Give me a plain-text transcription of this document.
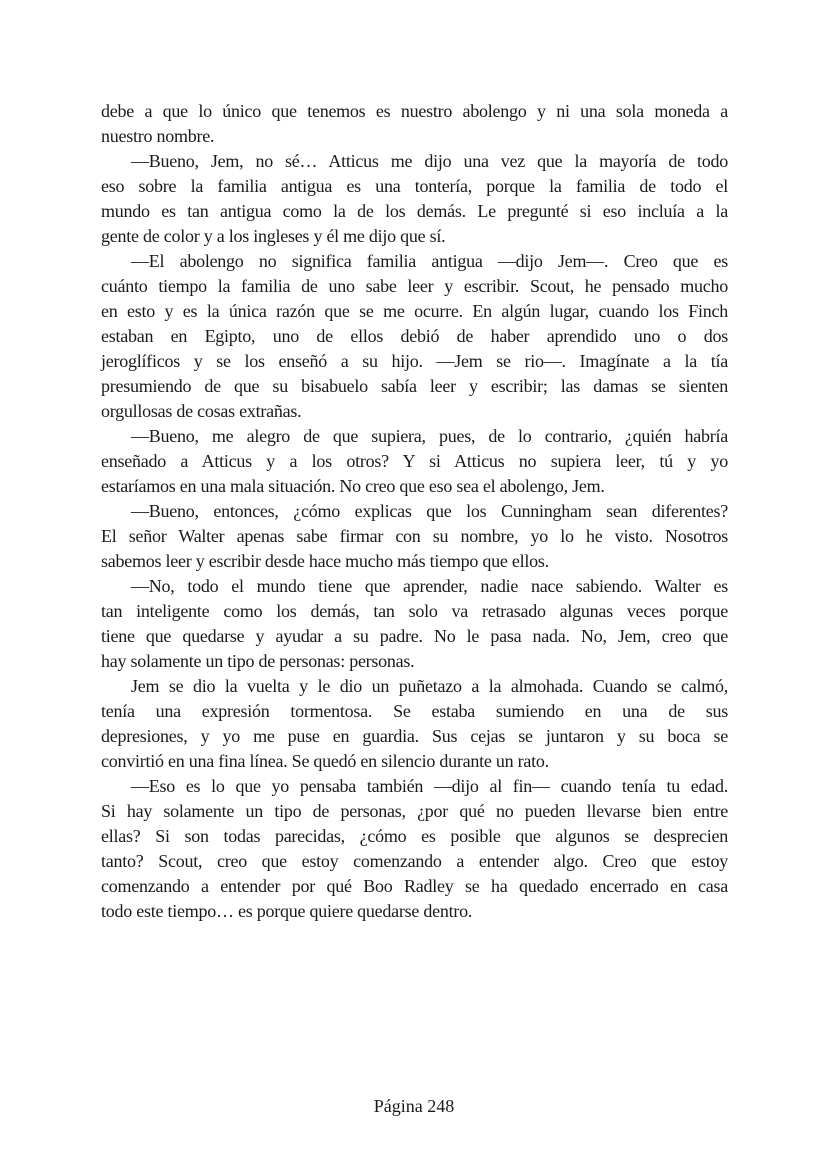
debe a que lo único que tenemos es nuestro abolengo y ni una sola moneda a
nuestro nombre.
—Bueno, Jem, no sé… Atticus me dijo una vez que la mayoría de todo
eso sobre la familia antigua es una tontería, porque la familia de todo el
mundo es tan antigua como la de los demás. Le pregunté si eso incluía a la
gente de color y a los ingleses y él me dijo que sí.
—El abolengo no significa familia antigua —dijo Jem—. Creo que es
cuánto tiempo la familia de uno sabe leer y escribir. Scout, he pensado mucho
en esto y es la única razón que se me ocurre. En algún lugar, cuando los Finch
estaban en Egipto, uno de ellos debió de haber aprendido uno o dos
jeroglíficos y se los enseñó a su hijo. —Jem se rio—. Imagínate a la tía
presumiendo de que su bisabuelo sabía leer y escribir; las damas se sienten
orgullosas de cosas extrañas.
—Bueno, me alegro de que supiera, pues, de lo contrario, ¿quién habría
enseñado a Atticus y a los otros? Y si Atticus no supiera leer, tú y yo
estaríamos en una mala situación. No creo que eso sea el abolengo, Jem.
—Bueno, entonces, ¿cómo explicas que los Cunningham sean diferentes?
El señor Walter apenas sabe firmar con su nombre, yo lo he visto. Nosotros
sabemos leer y escribir desde hace mucho más tiempo que ellos.
—No, todo el mundo tiene que aprender, nadie nace sabiendo. Walter es
tan inteligente como los demás, tan solo va retrasado algunas veces porque
tiene que quedarse y ayudar a su padre. No le pasa nada. No, Jem, creo que
hay solamente un tipo de personas: personas.
Jem se dio la vuelta y le dio un puñetazo a la almohada. Cuando se calmó,
tenía una expresión tormentosa. Se estaba sumiendo en una de sus
depresiones, y yo me puse en guardia. Sus cejas se juntaron y su boca se
convirtió en una fina línea. Se quedó en silencio durante un rato.
—Eso es lo que yo pensaba también —dijo al fin— cuando tenía tu edad.
Si hay solamente un tipo de personas, ¿por qué no pueden llevarse bien entre
ellas? Si son todas parecidas, ¿cómo es posible que algunos se desprecien
tanto? Scout, creo que estoy comenzando a entender algo. Creo que estoy
comenzando a entender por qué Boo Radley se ha quedado encerrado en casa
todo este tiempo… es porque quiere quedarse dentro.
Página 248
